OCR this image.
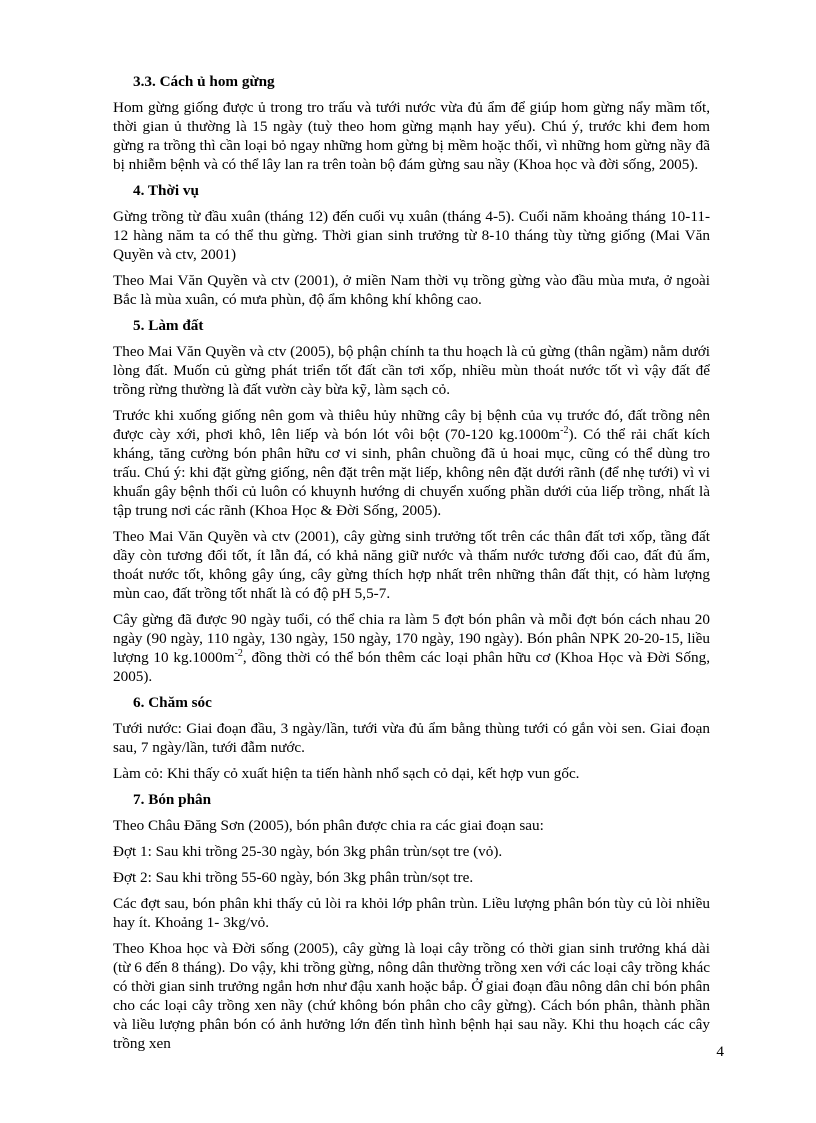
3.3. Cách ủ hom gừng

Hom gừng giống được ủ trong tro trấu và tưới nước vừa đủ ẩm để giúp hom gừng nẩy mầm tốt, thời gian ủ thường là 15 ngày (tuỳ theo hom gừng mạnh hay yếu). Chú ý, trước khi đem hom gừng ra trồng thì cần loại bỏ ngay những hom gừng bị mềm hoặc thối, vì những hom gừng nầy đã bị nhiễm bệnh và có thể lây lan ra trên toàn bộ đám gừng sau nầy (Khoa học và đời sống, 2005).

4. Thời vụ

Gừng trồng từ đầu xuân (tháng 12) đến cuối vụ xuân (tháng 4-5). Cuối năm khoảng tháng 10-11-12 hàng năm ta có thể thu gừng. Thời gian sinh trưởng từ 8-10 tháng tùy từng giống (Mai Văn Quyền và ctv, 2001)

Theo Mai Văn Quyền và ctv (2001), ở miền Nam thời vụ trồng gừng vào đầu mùa mưa, ở ngoài Bắc là mùa xuân, có mưa phùn, độ ẩm không khí không cao.

5. Làm đất

Theo Mai Văn Quyền và ctv (2005), bộ phận chính ta thu hoạch là củ gừng (thân ngầm) nằm dưới lòng đất. Muốn củ gừng phát triển tốt đất cần tơi xốp, nhiều mùn thoát nước tốt vì vậy đất để trồng rừng thường là đất vườn cày bừa kỹ, làm sạch cỏ.

Trước khi xuống giống nên gom và thiêu hủy những cây bị bệnh của vụ trước đó, đất trồng nên được cày xới, phơi khô, lên liếp và bón lót vôi bột (70-120 $kg.1000m^{-2}$). Có thể rải chất kích kháng, tăng cường bón phân hữu cơ vi sinh, phân chuồng đã ủ hoai mục, cũng có thể dùng tro trấu. Chú ý: khi đặt gừng giống, nên đặt trên mặt liếp, không nên đặt dưới rãnh (để nhẹ tưới) vì vi khuẩn gây bệnh thối củ luôn có khuynh hướng di chuyển xuống phần dưới của liếp trồng, nhất là tập trung nơi các rãnh (Khoa Học & Đời Sống, 2005).

Theo Mai Văn Quyền và ctv (2001), cây gừng sinh trưởng tốt trên các thân đất tơi xốp, tầng đất dầy còn tương đối tốt, ít lẫn đá, có khả năng giữ nước và thấm nước tương đối cao, đất đủ ẩm, thoát nước tốt, không gây úng, cây gừng thích hợp nhất trên những thân đất thịt, có hàm lượng mùn cao, đất trồng tốt nhất là có độ pH 5,5-7.

Cây gừng đã được 90 ngày tuổi, có thể chia ra làm 5 đợt bón phân và mỗi đợt bón cách nhau 20 ngày (90 ngày, 110 ngày, 130 ngày, 150 ngày, 170 ngày, 190 ngày). Bón phân NPK 20-20-15, liều lượng 10 $kg.1000m^{-2}$, đồng thời có thể bón thêm các loại phân hữu cơ (Khoa Học và Đời Sống, 2005).

6. Chăm sóc

Tưới nước: Giai đoạn đầu, 3 ngày/lần, tưới vừa đủ ẩm bằng thùng tưới có gắn vòi sen. Giai đoạn sau, 7 ngày/lần, tưới đẫm nước.

Làm cỏ: Khi thấy cỏ xuất hiện ta tiến hành nhổ sạch cỏ dại, kết hợp vun gốc.

7. Bón phân

Theo Châu Đăng Sơn (2005), bón phân được chia ra các giai đoạn sau:

Đợt 1: Sau khi trồng 25-30 ngày, bón 3kg phân trùn/sọt tre (vỏ).

Đợt 2: Sau khi trồng 55-60 ngày, bón 3kg phân trùn/sọt tre.

Các đợt sau, bón phân khi thấy củ lòi ra khỏi lớp phân trùn. Liều lượng phân bón tùy củ lòi nhiều hay ít. Khoảng 1- 3kg/vỏ.

Theo Khoa học và Đời sống (2005), cây gừng là loại cây trồng có thời gian sinh trưởng khá dài (từ 6 đến 8 tháng). Do vậy, khi trồng gừng, nông dân thường trồng xen với các loại cây trồng khác có thời gian sinh trưởng ngắn hơn như đậu xanh hoặc bắp. Ở giai đoạn đầu nông dân chỉ bón phân cho các loại cây trồng xen nầy (chứ không bón phân cho cây gừng). Cách bón phân, thành phần và liều lượng phân bón có ảnh hưởng lớn đến tình hình bệnh hại sau nầy. Khi thu hoạch các cây trồng xen	4
